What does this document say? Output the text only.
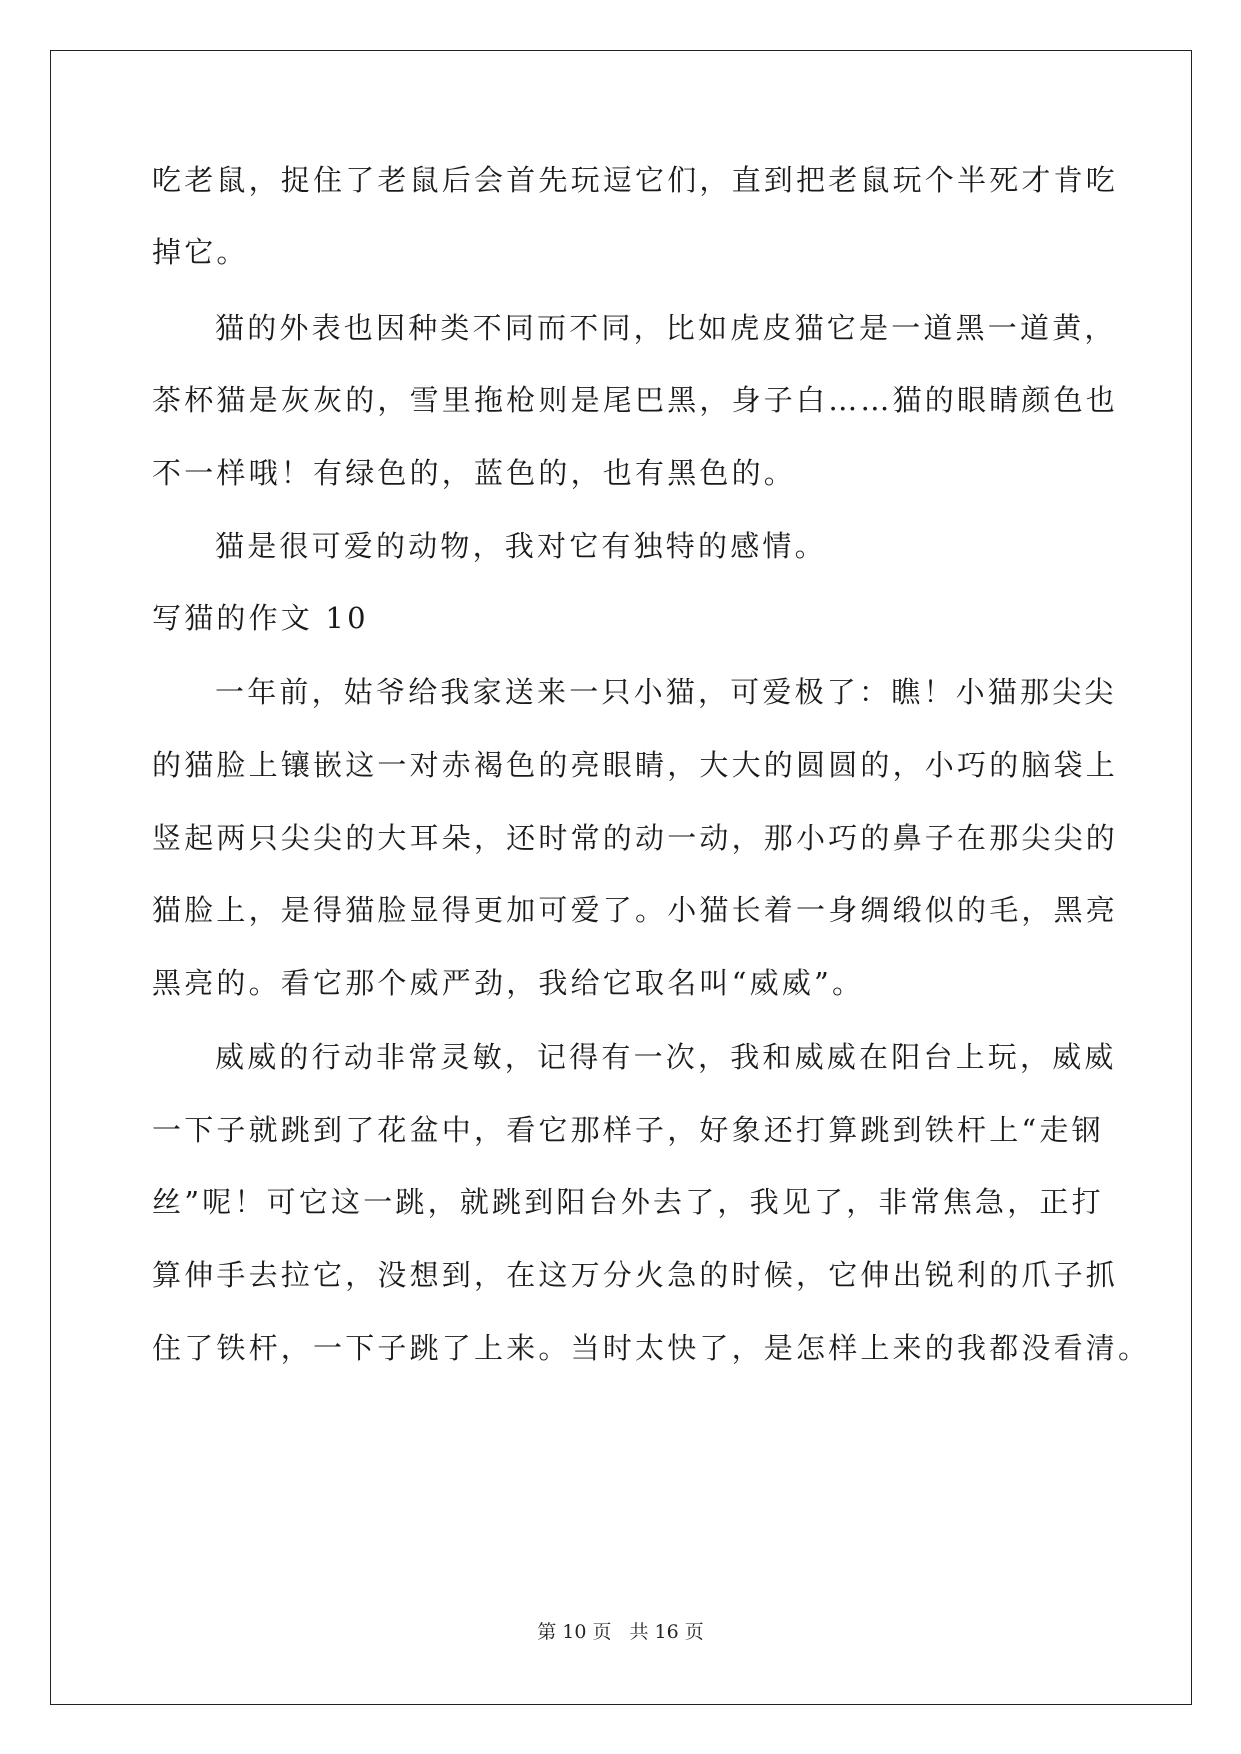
吃老鼠，捉住了老鼠后会首先玩逗它们，直到把老鼠玩个半死才肯吃
掉它。
猫的外表也因种类不同而不同，比如虎皮猫它是一道黑一道黄，
茶杯猫是灰灰的，雪里拖枪则是尾巴黑，身子白……猫的眼睛颜色也
不一样哦！有绿色的，蓝色的，也有黑色的。
猫是很可爱的动物，我对它有独特的感情。
写猫的作文 10
一年前，姑爷给我家送来一只小猫，可爱极了：瞧！小猫那尖尖
的猫脸上镶嵌这一对赤褐色的亮眼睛，大大的圆圆的，小巧的脑袋上
竖起两只尖尖的大耳朵，还时常的动一动，那小巧的鼻子在那尖尖的
猫脸上，是得猫脸显得更加可爱了。小猫长着一身绸缎似的毛，黑亮
黑亮的。看它那个威严劲，我给它取名叫“威威”。
威威的行动非常灵敏，记得有一次，我和威威在阳台上玩，威威
一下子就跳到了花盆中，看它那样子，好象还打算跳到铁杆上“走钢
丝”呢！可它这一跳，就跳到阳台外去了，我见了，非常焦急，正打
算伸手去拉它，没想到，在这万分火急的时候，它伸出锐利的爪子抓
住了铁杆，一下子跳了上来。当时太快了，是怎样上来的我都没看清。
第 10 页 共 16 页
